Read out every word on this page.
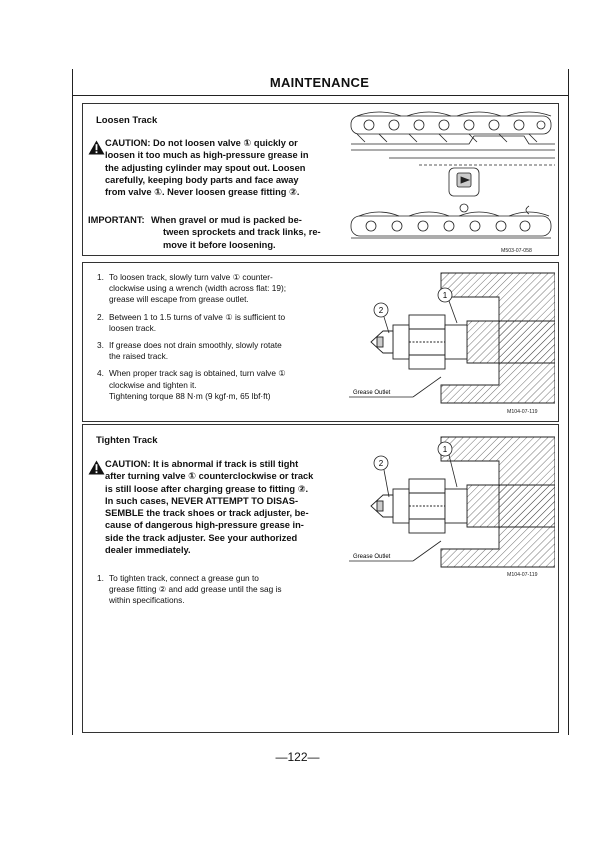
MAINTENANCE
Loosen Track
CAUTION: Do not loosen valve ① quickly or
loosen it too much as high-pressure grease in
the adjusting cylinder may spout out. Loosen
carefully, keeping body parts and face away
from valve ①. Never loosen grease fitting ②.
IMPORTANT: When gravel or mud is packed be-
tween sprockets and track links, re-
move it before loosening.
M503-07-058
1. To loosen track, slowly turn valve ① counter-
clockwise using a wrench (width across flat: 19);
grease will escape from grease outlet.
2. Between 1 to 1.5 turns of valve ① is sufficient to
loosen track.
3. If grease does not drain smoothly, slowly rotate
the raised track.
4. When proper track sag is obtained, turn valve ①
clockwise and tighten it.
Tightening torque 88 N·m (9 kgf·m, 65 lbf·ft)
1
2
Grease Outlet
M104-07-119
Tighten Track
CAUTION: It is abnormal if track is still tight
after turning valve ① counterclockwise or track
is still loose after charging grease to fitting ②.
In such cases, NEVER ATTEMPT TO DISAS-
SEMBLE the track shoes or track adjuster, be-
cause of dangerous high-pressure grease in-
side the track adjuster. See your authorized
dealer immediately.
1. To tighten track, connect a grease gun to
grease fitting ② and add grease until the sag is
within specifications.
1
2
Grease Outlet
M104-07-119
—122—
